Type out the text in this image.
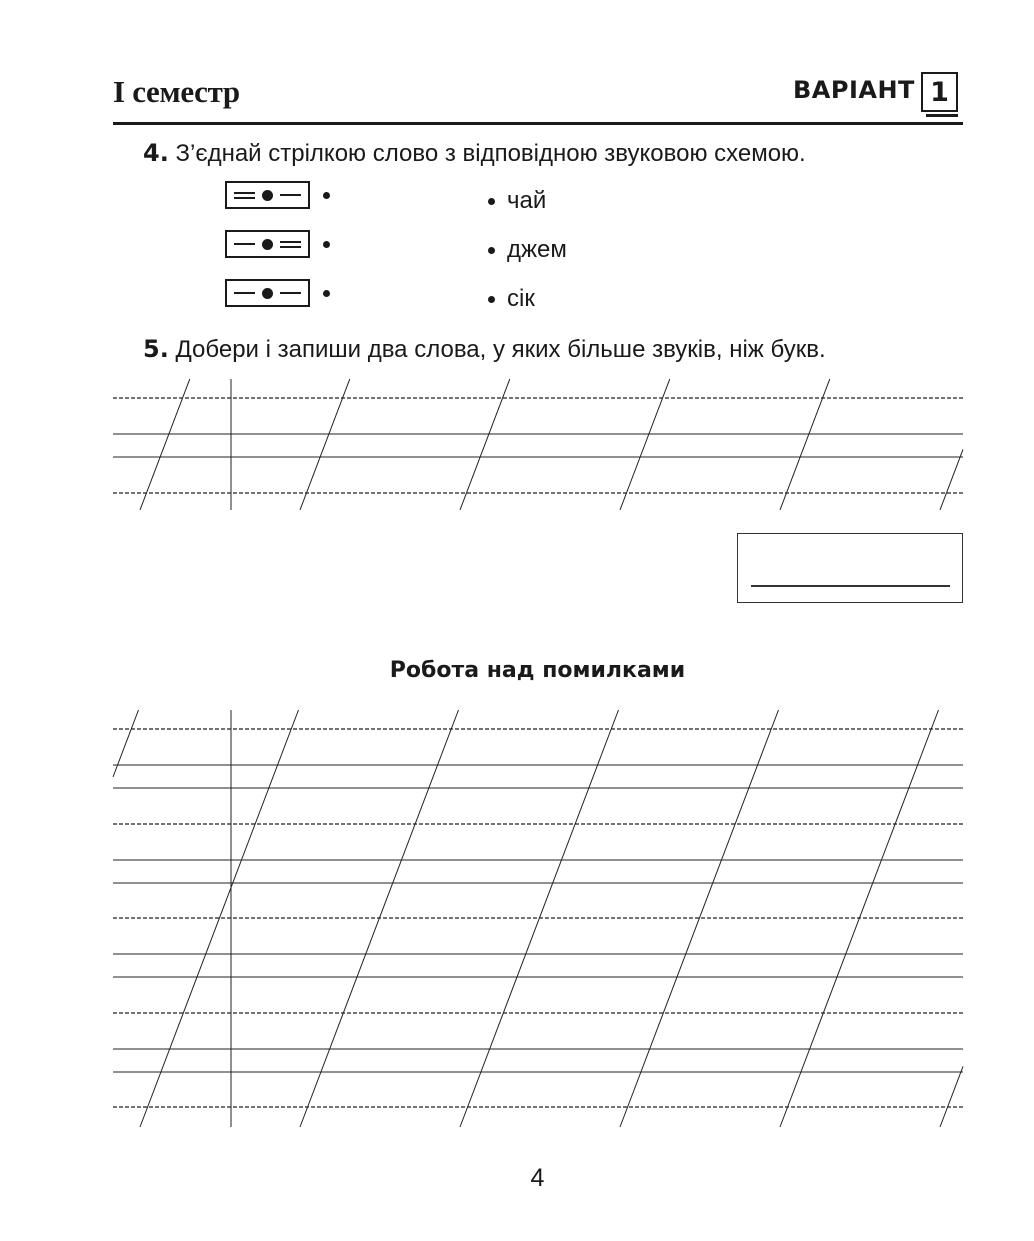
І семестр	ВАРІАНТ 1
4. З’єднай стрілкою слово з відповідною звуковою схемою.
чай
джем
сік
5. Добери і запиши два слова, у яких більше звуків, ніж букв.
Робота над помилками
4
